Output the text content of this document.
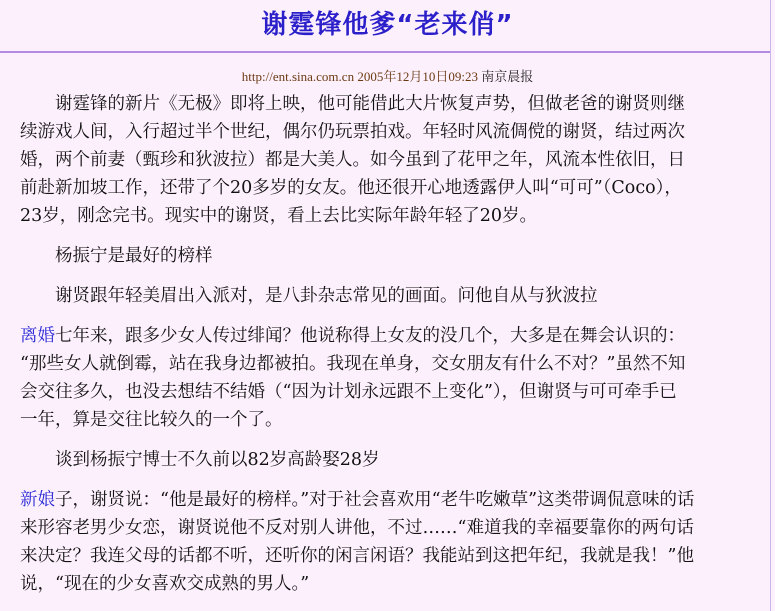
谢霆锋他爹“老来俏”
http://ent.sina.com.cn 2005年12月10日09:23 南京晨报

谢霆锋的新片《无极》即将上映，他可能借此大片恢复声势，但做老爸的谢贤则继
续游戏人间，入行超过半个世纪，偶尔仍玩票拍戏。年轻时风流倜傥的谢贤，结过两次
婚，两个前妻（甄珍和狄波拉）都是大美人。如今虽到了花甲之年，风流本性依旧，日
前赴新加坡工作，还带了个20多岁的女友。他还很开心地透露伊人叫“可可”（Coco），
23岁，刚念完书。现实中的谢贤，看上去比实际年龄年轻了20岁。

杨振宁是最好的榜样

谢贤跟年轻美眉出入派对，是八卦杂志常见的画面。问他自从与狄波拉

离婚七年来，跟多少女人传过绯闻？他说称得上女友的没几个，大多是在舞会认识的：
“那些女人就倒霉，站在我身边都被拍。我现在单身，交女朋友有什么不对？”虽然不知
会交往多久，也没去想结不结婚（“因为计划永远跟不上变化”），但谢贤与可可牵手已
一年，算是交往比较久的一个了。

谈到杨振宁博士不久前以82岁高龄娶28岁

新娘子，谢贤说：“他是最好的榜样。”对于社会喜欢用“老牛吃嫩草”这类带调侃意味的话
来形容老男少女恋，谢贤说他不反对别人讲他，不过……“难道我的幸福要靠你的两句话
来决定？我连父母的话都不听，还听你的闲言闲语？我能站到这把年纪，我就是我！”他
说，“现在的少女喜欢交成熟的男人。”
